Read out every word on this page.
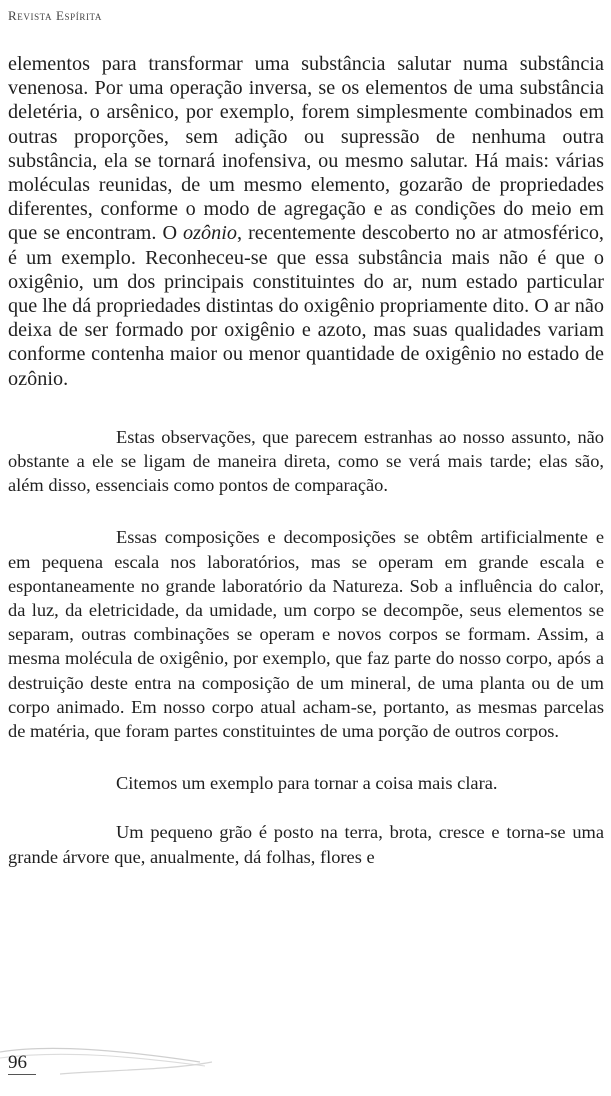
Revista Espírita

elementos para transformar uma substância salutar numa substância venenosa. Por uma operação inversa, se os elementos de uma substância deletéria, o arsênico, por exemplo, forem simplesmente combinados em outras proporções, sem adição ou supressão de nenhuma outra substância, ela se tornará inofensiva, ou mesmo salutar. Há mais: várias moléculas reunidas, de um mesmo elemento, gozarão de propriedades diferentes, conforme o modo de agregação e as condições do meio em que se encontram. O ozônio, recentemente descoberto no ar atmosférico, é um exemplo. Reconheceu-se que essa substância mais não é que o oxigênio, um dos principais constituintes do ar, num estado particular que lhe dá propriedades distintas do oxigênio propriamente dito. O ar não deixa de ser formado por oxigênio e azoto, mas suas qualidades variam conforme contenha maior ou menor quantidade de oxigênio no estado de ozônio.

Estas observações, que parecem estranhas ao nosso assunto, não obstante a ele se ligam de maneira direta, como se verá mais tarde; elas são, além disso, essenciais como pontos de comparação.

Essas composições e decomposições se obtêm artificialmente e em pequena escala nos laboratórios, mas se operam em grande escala e espontaneamente no grande laboratório da Natureza. Sob a influência do calor, da luz, da eletricidade, da umidade, um corpo se decompõe, seus elementos se separam, outras combinações se operam e novos corpos se formam. Assim, a mesma molécula de oxigênio, por exemplo, que faz parte do nosso corpo, após a destruição deste entra na composição de um mineral, de uma planta ou de um corpo animado. Em nosso corpo atual acham-se, portanto, as mesmas parcelas de matéria, que foram partes constituintes de uma porção de outros corpos.

Citemos um exemplo para tornar a coisa mais clara.

Um pequeno grão é posto na terra, brota, cresce e torna-se uma grande árvore que, anualmente, dá folhas, flores e

96
